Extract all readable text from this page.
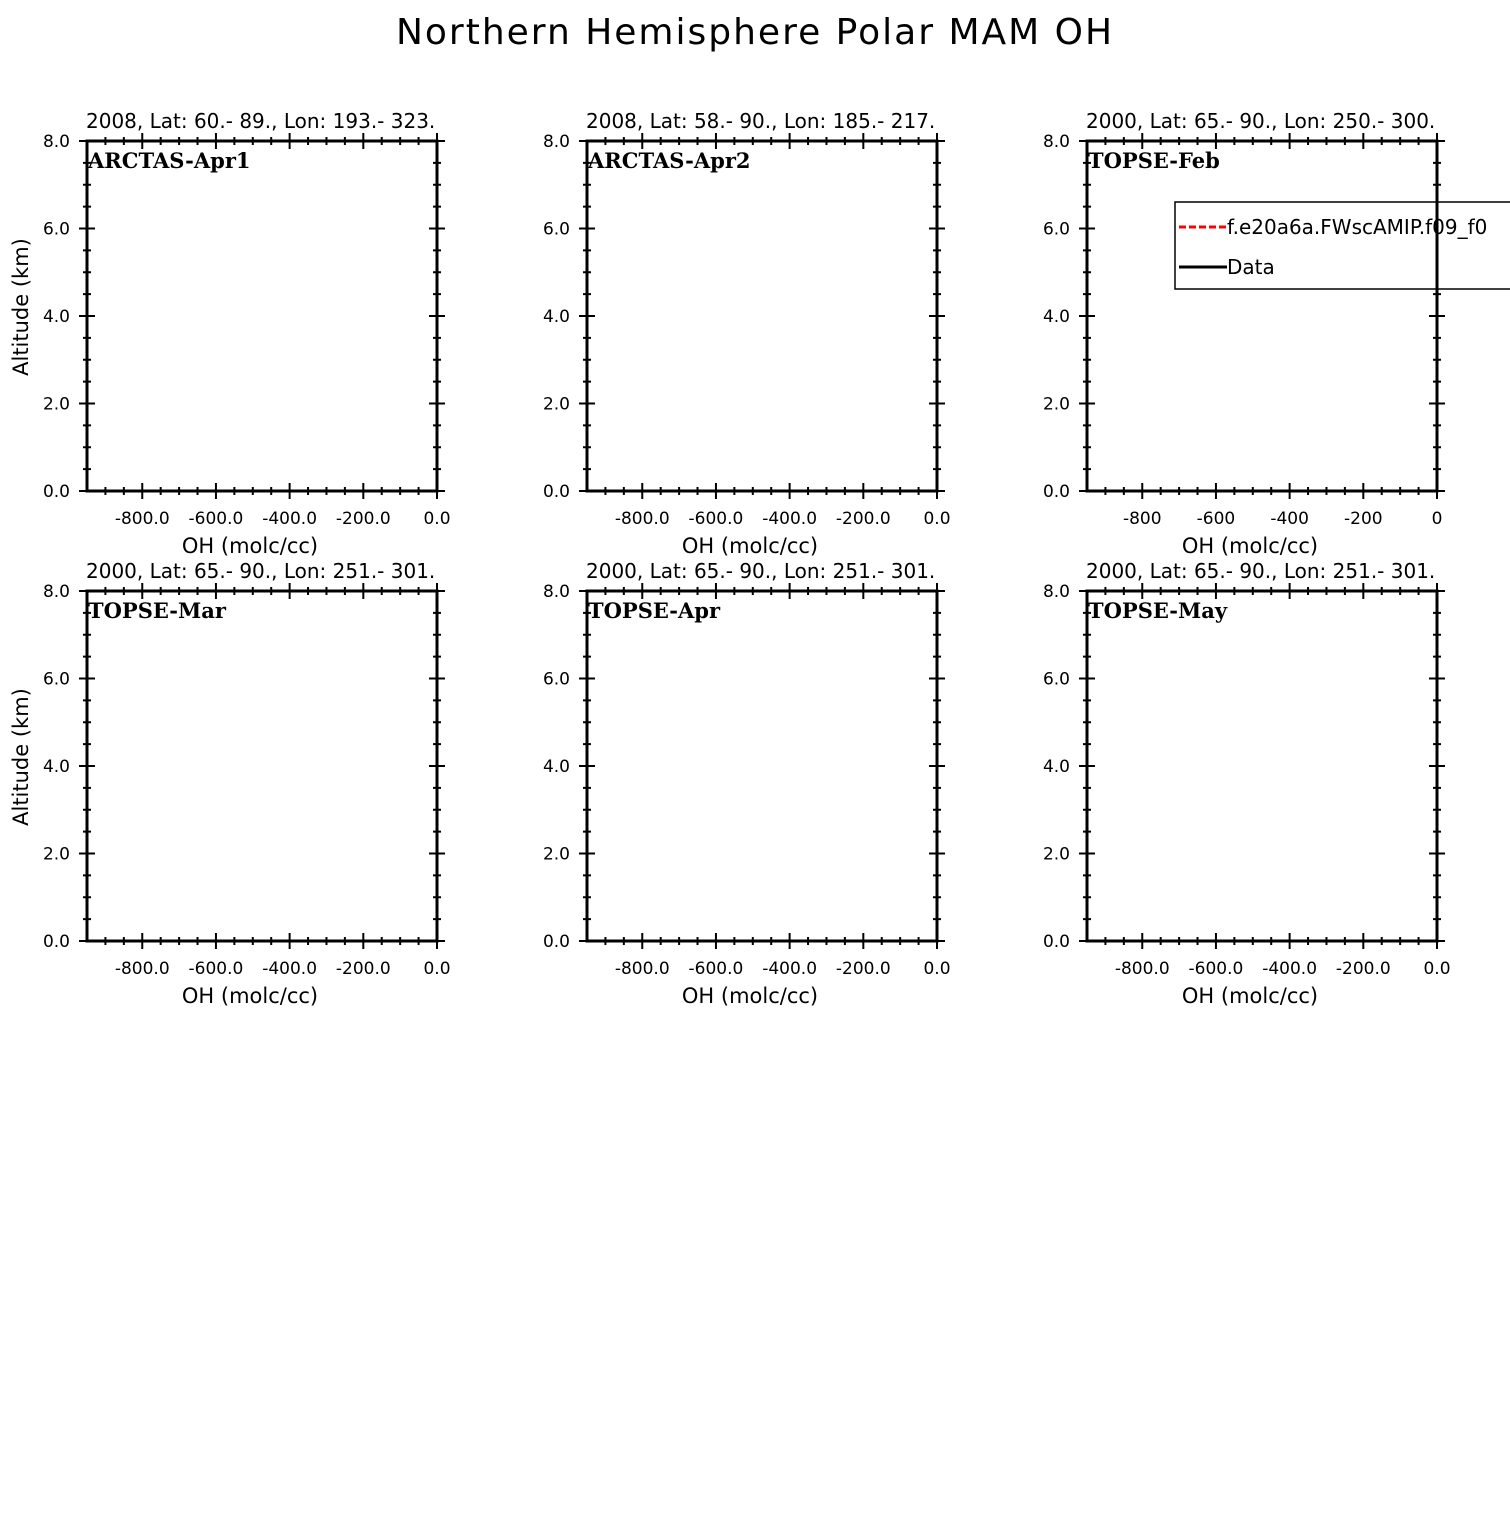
Northern Hemisphere Polar MAM OH
-800.0 -600.0 -400.0 -200.0 0.0
0.0
2.0
4.0
6.0
8.0
2008, Lat: 60.- 89., Lon: 193.- 323.
ARCTAS-Apr1
OH (molc/cc)
Altitude (km)
-800.0 -600.0 -400.0 -200.0 0.0
0.0
2.0
4.0
6.0
8.0
2008, Lat: 58.- 90., Lon: 185.- 217.
ARCTAS-Apr2
OH (molc/cc)
-800 -600 -400 -200	0
0.0
2.0
4.0
6.0
8.0
2000, Lat: 65.- 90., Lon: 250.- 300.
TOPSE-Feb
OH (molc/cc)
f.e20a6a.FWscAMIP.f09_f0
Data
-800.0 -600.0 -400.0 -200.0 0.0
0.0
2.0
4.0
6.0
8.0
2000, Lat: 65.- 90., Lon: 251.- 301.
TOPSE-Mar
OH (molc/cc)
Altitude (km)
-800.0 -600.0 -400.0 -200.0 0.0
0.0
2.0
4.0
6.0
8.0
2000, Lat: 65.- 90., Lon: 251.- 301.
TOPSE-Apr
OH (molc/cc)
-800.0 -600.0 -400.0 -200.0 0.0
0.0
2.0
4.0
6.0
8.0
2000, Lat: 65.- 90., Lon: 251.- 301.
TOPSE-May
OH (molc/cc)
